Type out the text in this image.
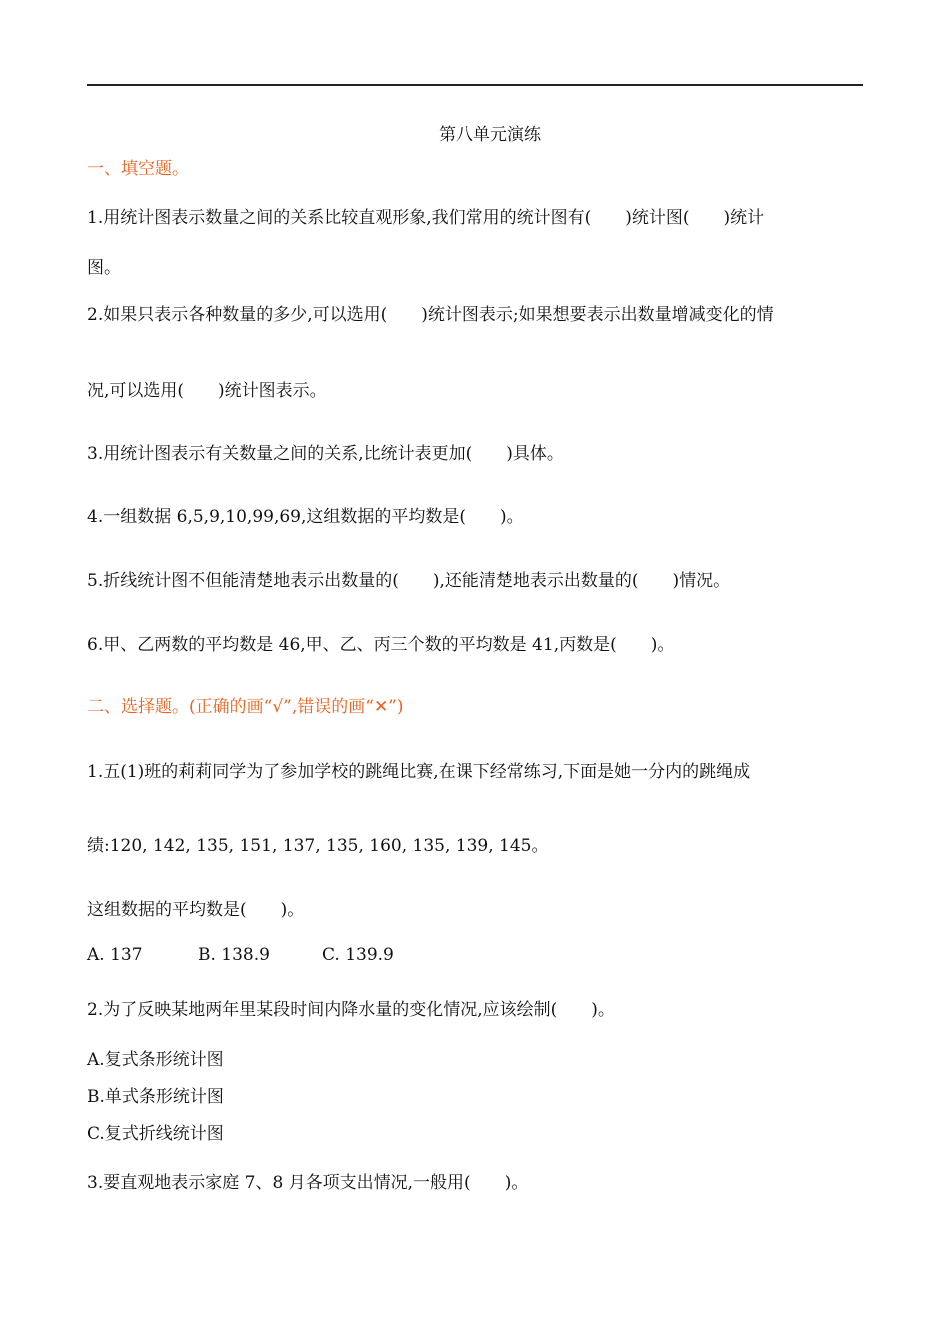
第八单元演练
一、填空题。
1.用统计图表示数量之间的关系比较直观形象,我们常用的统计图有(　　)统计图(　　)统计
图。
2.如果只表示各种数量的多少,可以选用(　　)统计图表示;如果想要表示出数量增减变化的情
况,可以选用(　　)统计图表示。
3.用统计图表示有关数量之间的关系,比统计表更加(　　)具体。
4.一组数据 6,5,9,10,99,69,这组数据的平均数是(　　)。
5.折线统计图不但能清楚地表示出数量的(　　),还能清楚地表示出数量的(　　)情况。
6.甲、乙两数的平均数是 46,甲、乙、丙三个数的平均数是 41,丙数是(　　)。
二、选择题。(正确的画“√”,错误的画“✕”)
1.五(1)班的莉莉同学为了参加学校的跳绳比赛,在课下经常练习,下面是她一分内的跳绳成
绩:120, 142, 135, 151, 137, 135, 160, 135, 139, 145。
这组数据的平均数是(　　)。
A. 137	B. 138.9	C. 139.9
2.为了反映某地两年里某段时间内降水量的变化情况,应该绘制(　　)。
A.复式条形统计图
B.单式条形统计图
C.复式折线统计图
3.要直观地表示家庭 7、8 月各项支出情况,一般用(　　)。
